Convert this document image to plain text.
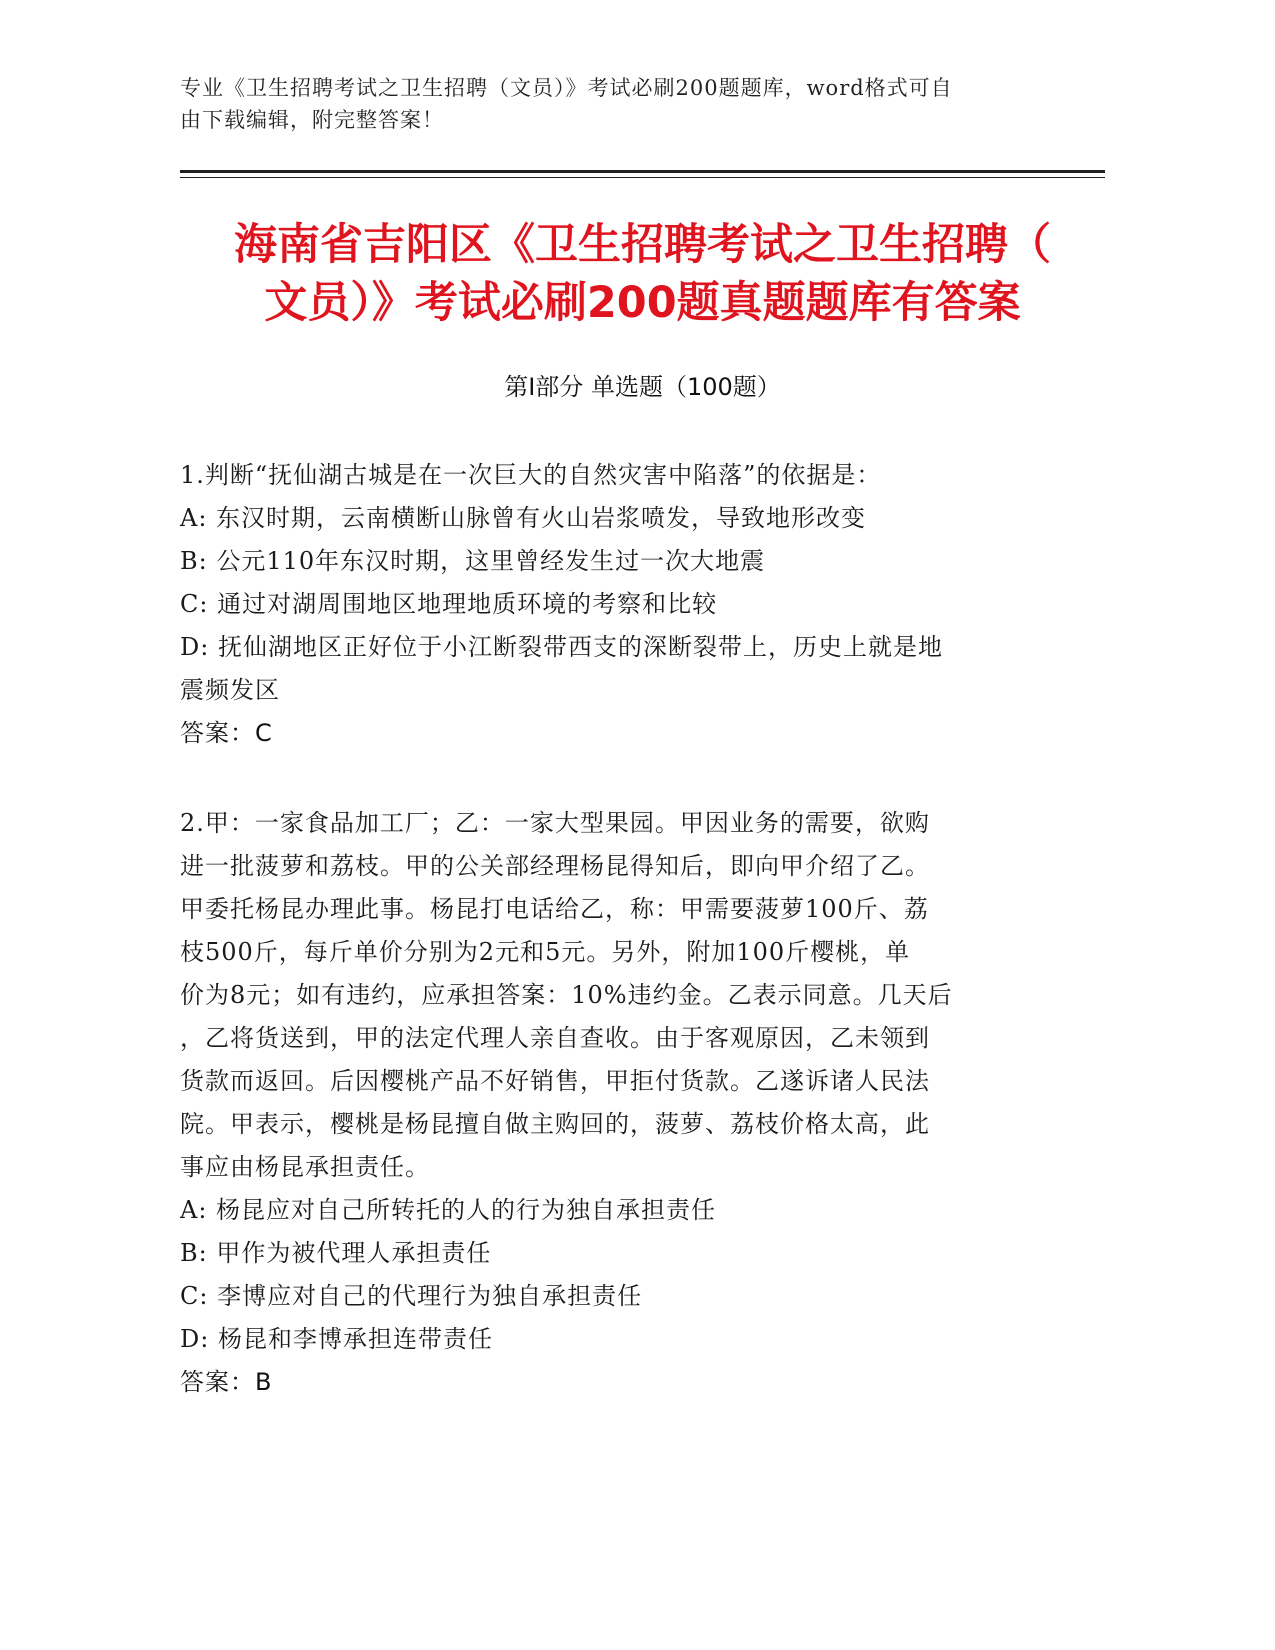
专业《卫生招聘考试之卫生招聘（文员）》考试必刷200题题库，word格式可自
由下载编辑，附完整答案！
海南省吉阳区《卫生招聘考试之卫生招聘（
文员）》考试必刷200题真题题库有答案
第I部分 单选题（100题）

1.判断“抚仙湖古城是在一次巨大的自然灾害中陷落”的依据是：

A: 东汉时期，云南横断山脉曾有火山岩浆喷发，导致地形改变

B: 公元110年东汉时期，这里曾经发生过一次大地震

C: 通过对湖周围地区地理地质环境的考察和比较

D: 抚仙湖地区正好位于小江断裂带西支的深断裂带上，历史上就是地

震频发区

答案：C

2.甲：一家食品加工厂；乙：一家大型果园。甲因业务的需要，欲购

进一批菠萝和荔枝。甲的公关部经理杨昆得知后，即向甲介绍了乙。

甲委托杨昆办理此事。杨昆打电话给乙，称：甲需要菠萝100斤、荔

枝500斤，每斤单价分别为2元和5元。另外，附加100斤樱桃，单

价为8元；如有违约，应承担答案：10%违约金。乙表示同意。几天后

，乙将货送到，甲的法定代理人亲自查收。由于客观原因，乙未领到

货款而返回。后因樱桃产品不好销售，甲拒付货款。乙遂诉诸人民法

院。甲表示，樱桃是杨昆擅自做主购回的，菠萝、荔枝价格太高，此

事应由杨昆承担责任。

A: 杨昆应对自己所转托的人的行为独自承担责任

B: 甲作为被代理人承担责任

C: 李博应对自己的代理行为独自承担责任

D: 杨昆和李博承担连带责任

答案：B
